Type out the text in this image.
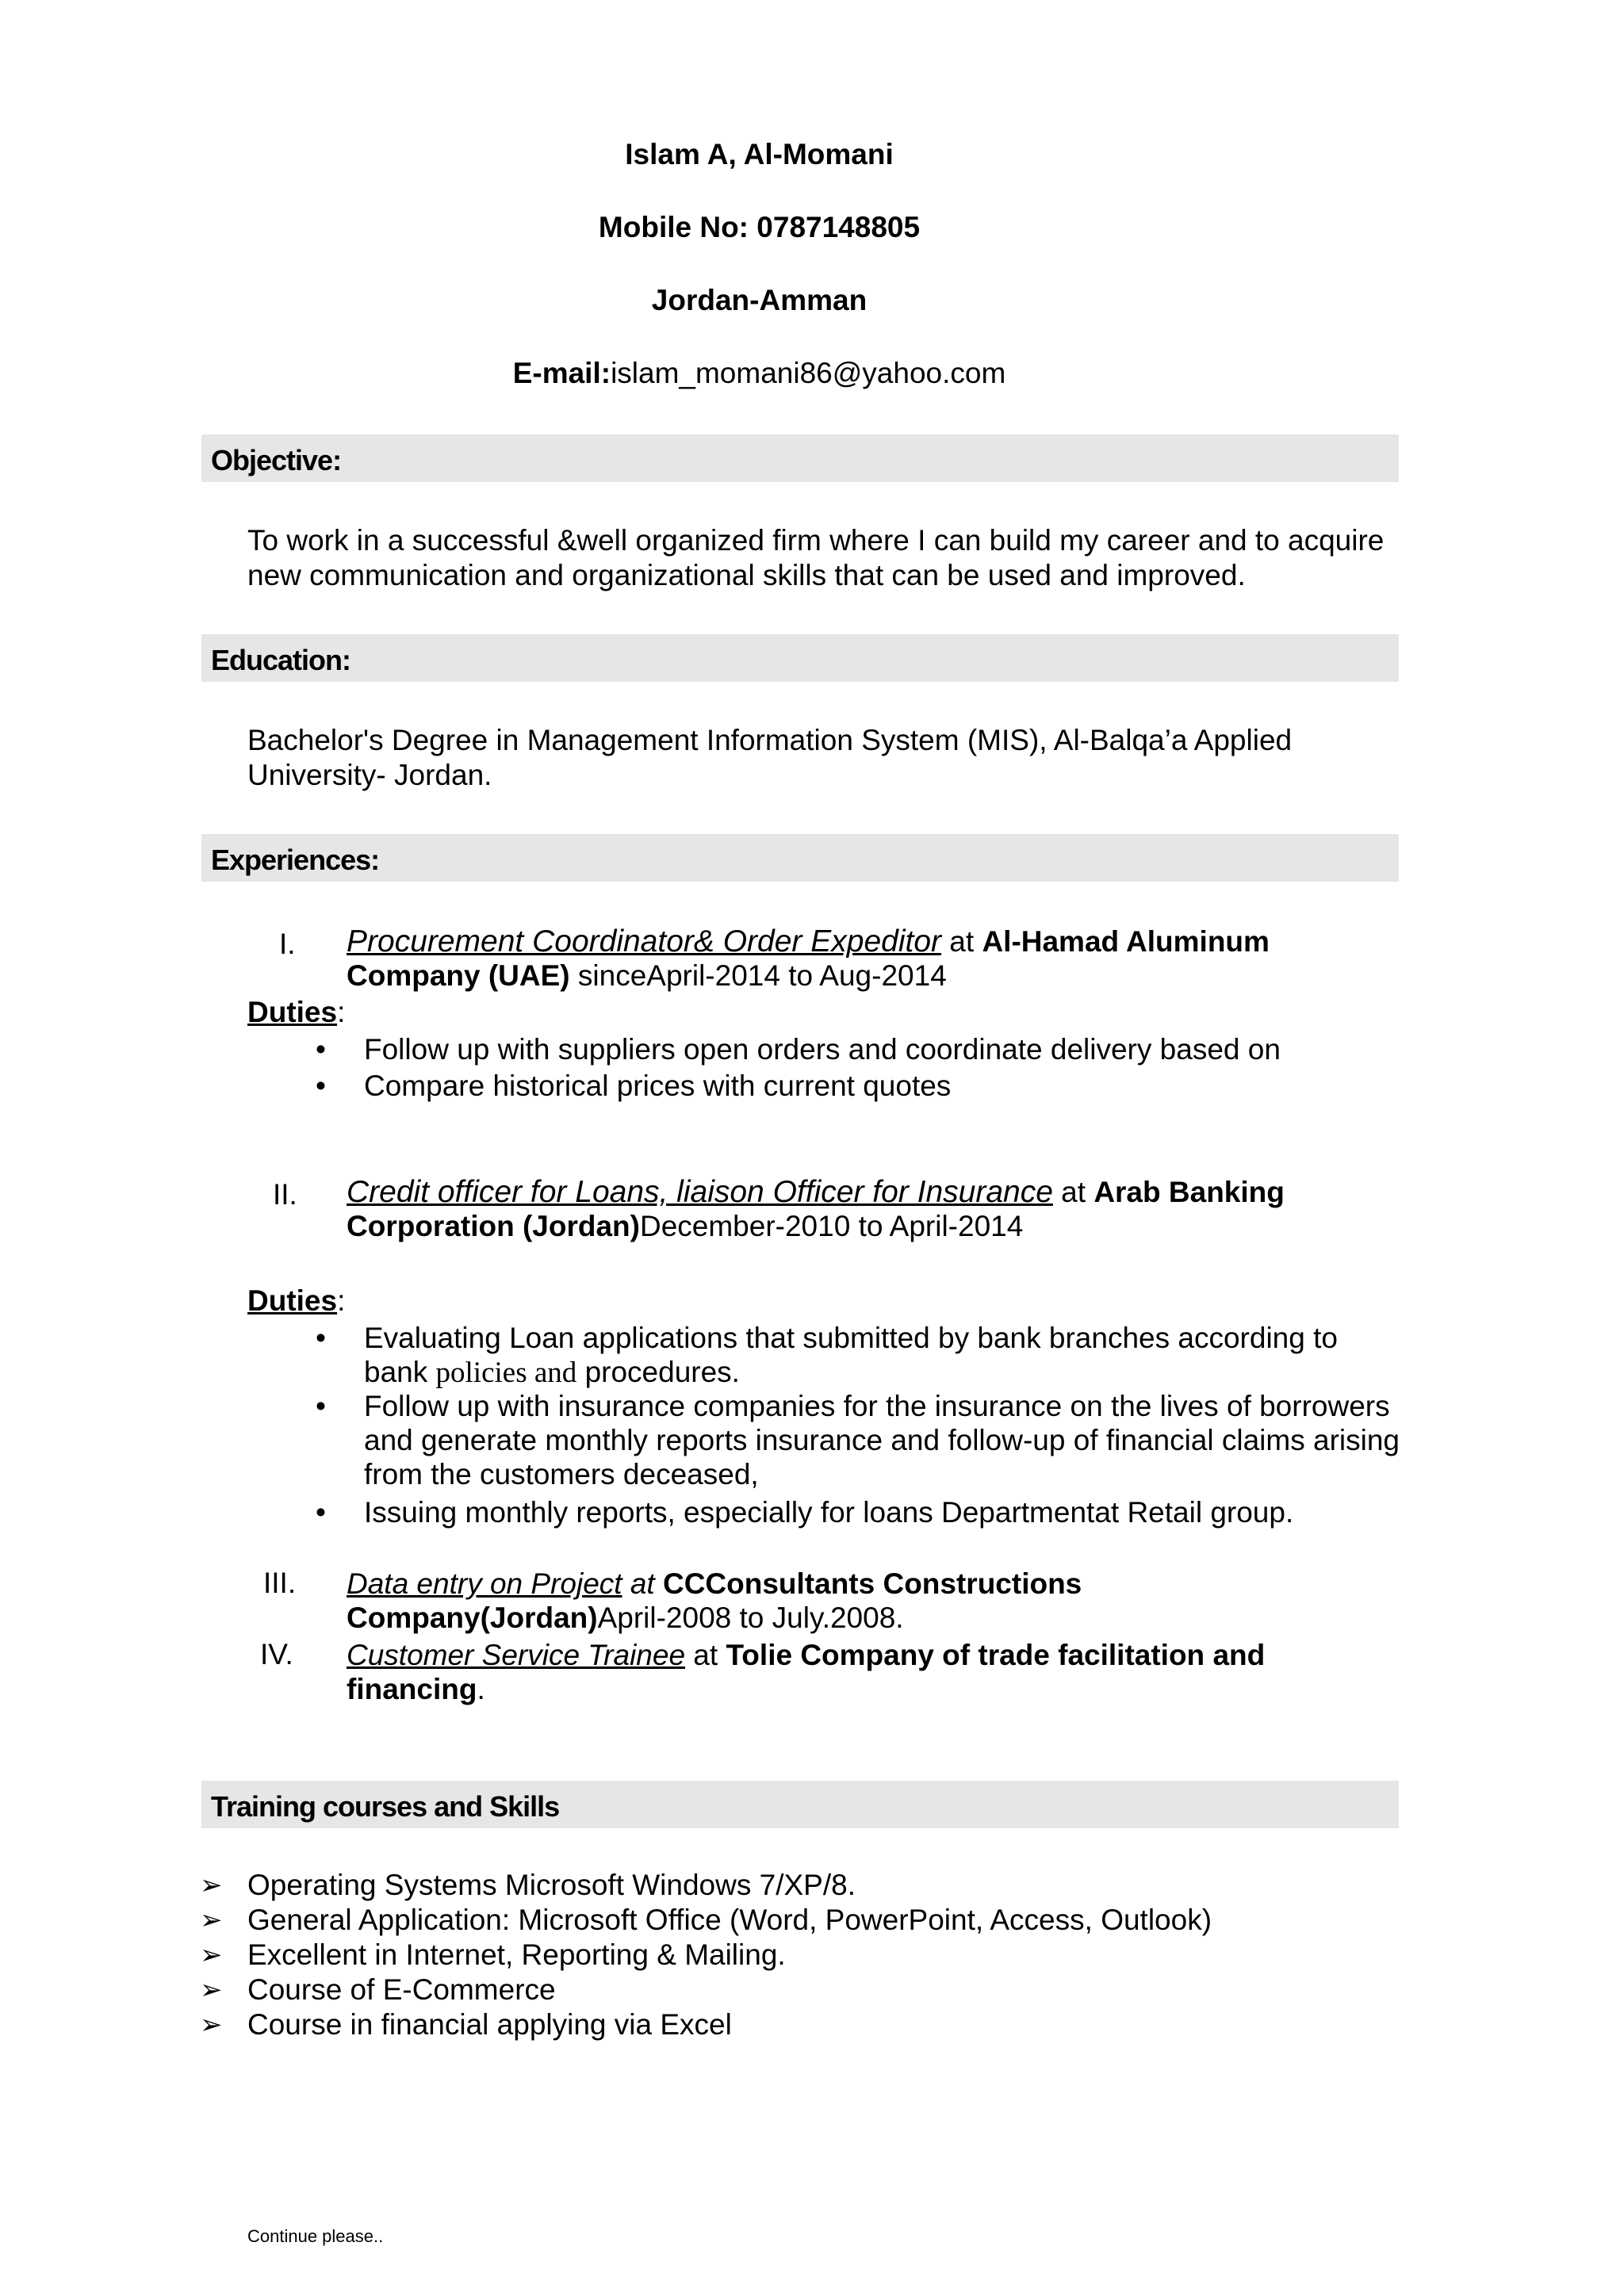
Islam A, Al-Momani
Mobile No: 0787148805
Jordan-Amman
E-mail:islam_momani86@yahoo.com
Objective:
To work in a successful &well organized firm where I can build my career and to acquire new communication and organizational skills that can be used and improved.
Education:
Bachelor's Degree in Management Information System (MIS), Al-Balqa’a Applied University- Jordan.
Experiences:
I. Procurement Coordinator& Order Expeditor at Al-Hamad Aluminum Company (UAE) sinceApril-2014 to Aug-2014
Duties:
• Follow up with suppliers open orders and coordinate delivery based on
• Compare historical prices with current quotes
II. Credit officer for Loans, liaison Officer for Insurance at Arab Banking Corporation (Jordan)December-2010 to April-2014
Duties:
• Evaluating Loan applications that submitted by bank branches according to bank policies and procedures.
• Follow up with insurance companies for the insurance on the lives of borrowers and generate monthly reports insurance and follow-up of financial claims arising from the customers deceased,
• Issuing monthly reports, especially for loans Departmentat Retail group.
III. Data entry on Project at CCConsultants Constructions Company(Jordan)April-2008 to July.2008.
IV. Customer Service Trainee at Tolie Company of trade facilitation and financing.
Training courses and Skills
➢ Operating Systems Microsoft Windows 7/XP/8.
➢ General Application: Microsoft Office (Word, PowerPoint, Access, Outlook)
➢ Excellent in Internet, Reporting & Mailing.
➢ Course of E-Commerce
➢ Course in financial applying via Excel
Continue please..
